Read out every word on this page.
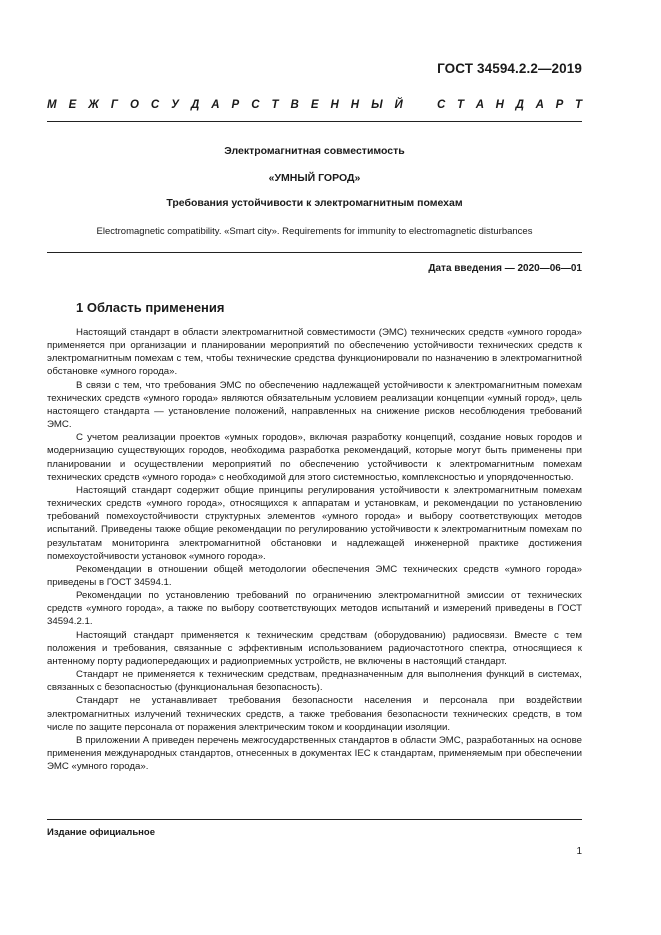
ГОСТ 34594.2.2—2019
М Е Ж Г О С У Д А Р С Т В Е Н Н Ы Й	С Т А Н Д А Р Т
Электромагнитная совместимость
«УМНЫЙ ГОРОД»
Требования устойчивости к электромагнитным помехам
Electromagnetic compatibility. «Smart city». Requirements for immunity to electromagnetic disturbances
Дата введения — 2020—06—01
1 Область применения

Настоящий стандарт в области электромагнитной совместимости (ЭМС) технических средств «умного города» применяется при организации и планировании мероприятий по обеспечению устойчивости технических средств к электромагнитным помехам с тем, чтобы технические средства функционировали по назначению в электромагнитной обстановке «умного города».

В связи с тем, что требования ЭМС по обеспечению надлежащей устойчивости к электромагнитным помехам технических средств «умного города» являются обязательным условием реализации концепции «умный город», цель настоящего стандарта — установление положений, направленных на снижение рисков несоблюдения требований ЭМС.

С учетом реализации проектов «умных городов», включая разработку концепций, создание новых городов и модернизацию существующих городов, необходима разработка рекомендаций, которые могут быть применены при планировании и осуществлении мероприятий по обеспечению устойчивости к электромагнитным помехам технических средств «умного города» с необходимой для этого системностью, комплексностью и упорядоченностью.

Настоящий стандарт содержит общие принципы регулирования устойчивости к электромагнитным помехам технических средств «умного города», относящихся к аппаратам и установкам, и рекомендации по установлению требований помехоустойчивости структурных элементов «умного города» и выбору соответствующих методов испытаний. Приведены также общие рекомендации по регулированию устойчивости к электромагнитным помехам по результатам мониторинга электромагнитной обстановки и надлежащей инженерной практике достижения помехоустойчивости установок «умного города».

Рекомендации в отношении общей методологии обеспечения ЭМС технических средств «умного города» приведены в ГОСТ 34594.1.

Рекомендации по установлению требований по ограничению электромагнитной эмиссии от технических средств «умного города», а также по выбору соответствующих методов испытаний и измерений приведены в ГОСТ 34594.2.1.

Настоящий стандарт применяется к техническим средствам (оборудованию) радиосвязи. Вместе с тем положения и требования, связанные с эффективным использованием радиочастотного спектра, относящиеся к антенному порту радиопередающих и радиоприемных устройств, не включены в настоящий стандарт.

Стандарт не применяется к техническим средствам, предназначенным для выполнения функций в системах, связанных с безопасностью (функциональная безопасность).

Стандарт не устанавливает требования безопасности населения и персонала при воздействии электромагнитных излучений технических средств, а также требования безопасности технических средств, в том числе по защите персонала от поражения электрическим током и координации изоляции.

В приложении А приведен перечень межгосударственных стандартов в области ЭМС, разработанных на основе применения международных стандартов, отнесенных в документах IEC к стандартам, применяемым при обеспечении ЭМС «умного города».

Издание официальное
1
